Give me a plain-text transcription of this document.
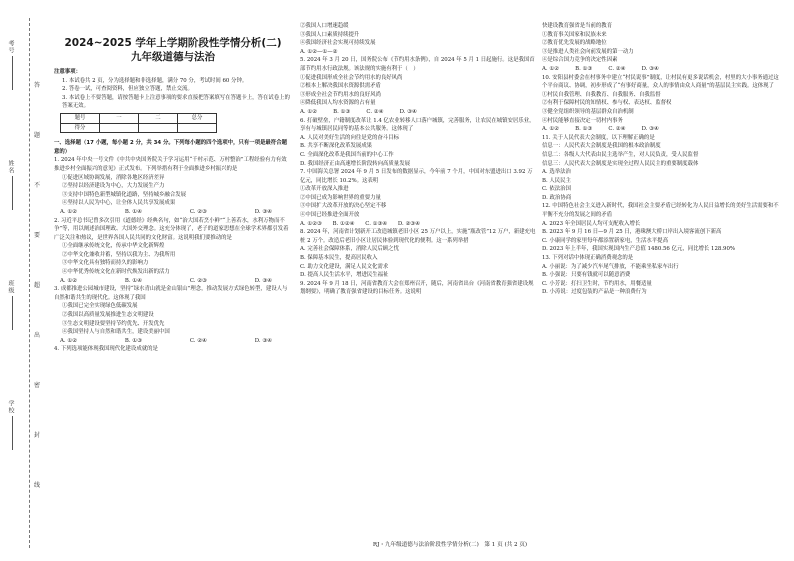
考号
姓名
班级
学校
答
题
不
要
超
出
密
封
线
2024~2025 学年上学期阶段性学情分析(二)
九年级道德与法治

注意事项：

1. 本试卷共 2 页，分为选择题和非选择题，满分 70 分，考试时间 60 分钟。

2. 答卷一试，可查阅资料，但应独立答题，禁止交流。

3. 本试卷上不要答题，请按答题卡上注意事项的要求直接把答案填写在答题卡上，答在试卷上的答案无效。

题号	一	二	总分
得分			

一、选择题（17 小题，每小题 2 分，共 34 分。下列每小题的四个选项中，只有一项是最符合题意的）

1. 2024 年中央一号文件《中共中央国务院关于学习运用“千村示范、万村整治”工程经验有力有效推进乡村全面振兴的意见》正式发布。下列举措有利于全面推进乡村振兴的是

①促进区域协调发展，消除各地区经济差异

②坚持以经济建设为中心，大力发展生产力

③支持中国特色新型城镇化道路，坚持城乡融合发展

④坚持以人民为中心，让全体人民共享发展成果

A. ①②	B. ①④	C. ②③	D. ③④

2. 习近平总书记曾多次引用《道德经》经典名句，如“治大国若烹小鲜”“上善若水，水利万物而不争”等，用以阐述治国理政、大国外交理念。这充分体现了，老子的道家思想在全球学术界都引发着广泛关注和热议，是世界各国人民共同的文化財富。这说明我们要推动的是

①全面继承传统文化，传承中华文化新辉煌

②中华文化兼收并蓄，坚持以我为主、为我所用

③中华文化具有独特而持久的影响力

④中华优秀传统文化在新时代焕发出新的活力

A. ①②	B. ①④	C. ②③	D. ③④

3. 成都推进公园城市建设，坚持“绿水青山就是金山银山”理念，推动发展方式绿色转型，建设人与自然和谐共生的现代化。这体现了我国

①我国已完全实现绿色低碳发展

②我国以高质量发展推进生态文明建设

③生态文明建设要坚持节约优先、开发优先

④我国坚持人与自然和谐共生，建设美丽中国

A. ①②	B. ①③	C. ②④	D. ③④

4. 下列选项能体现我国现代化建设成就的是

②我国人口增速趋缓

③我国人口素质持续提升

④我国经济社会实现可持续发展

A. ①②—①—②

5. 2024 年 3 月 20 日，国务院公布《节约用水条例》，自 2024 年 5 月 1 日起施行。这是我国首部节约用水行政法规。该法规的实施有利于（　）

①促进我国形成全社会节约用水的良好风尚

②根本上解决我国水资源供需矛盾

③形成全社会节约用水的良好风尚

④降低我国人均水资源的占有量

A. ①②　　　B. ①③　　　C. ②④　　　D. ③④

6. 打破壁垒，户籍制度改革让 1.4 亿农业转移人口落户城镇，完善服务，让农民在城镇安居乐业，享有与城镇居民同等的基本公共服务。这体现了

A. 人民对美好生活的向往是党的奋斗目标

B. 共享不断深化改革发展成果

C. 全面深化改革是我国当前的中心工作

D. 我国经济正由高速增长阶段转向高质量发展

7. 中国海关总署 2024 年 9 月 5 日发布的数据显示，今年前 7 个月，中国对东盟进出口 3.92 万亿元，同比增长 10.2%。这表明

①改革开放深入推进

②中国已成为影响世界的重要力量

③中国扩大改革开放的决心坚定不移

④中国已经推进全面开放

A. ①②③　　B. ①②④　　C. ①③④　　D. ②③④

8. 2024 年，河南省计划新开工改造城镇老旧小区 25 万户以上，实施“瓶改管”12 万户，新建充电桩 2 万个。改造后老旧小区让居民体验到现代化的便利。这一系列举措

A. 完善社会保障体系，消除人民后顾之忧

B. 保障基本民生，提高居民收入

C. 助力文化建设，满足人民文化需求

D. 提高人民生活水平，增进民生福祉

9. 2024 年 9 月 18 日，河南省教育大会在郑州召开，随后，河南省出台《河南省教育强省建设规划纲要》，明确了教育强省建设的目标任务。这说明

快建设教育强省是当前的教育

①教育事关国家和民族未来

②教育优先发展的战略地位

③是推进人类社会向前发展的第一动力

④是综合国力竞争的决定性因素

A. ①②　　　B. ①③　　　C. ②④　　　D. ③④

10. 安阳县村委会在村事务中建立“村民说事”制度，让村民有更多说话机会，村里的大小事务通过这个平台商议、协调，初步形成了“有事好商量，众人的事情由众人商量”的基层民主实践。这体现了

①村民自我管理、自我教育、自我服务、自我监督

②有利于保障村民的知情权、参与权、表达权、监督权

③健全党组织领导的基层群众自治机制

④村民能够直接决定一切村内事务

A. ①②　　　B. ①③　　　C. ②④　　　D. ③④

11. 关于人民代表大会制度，以下理解正确的是

信息一：人民代表大会制度是我国的根本政治制度

信息二：各级人大代表由民主选举产生，对人民负责，受人民监督

信息三：人民代表大会制度是实现全过程人民民主的重要制度载体

A. 选举法治

B. 人民民主

C. 依法治国

D. 政治协商

12. 中国特色社会主义进入新时代，我国社会主要矛盾已经转化为人民日益增长的美好生活需要和不平衡不充分的发展之间的矛盾

A. 2023 年全国居民人均可支配收入增长

B. 2023 年 9 月 16 日—9 月 25 日，港珠澳大桥口岸出入境客流创下新高

C. 小康同学的家里每年都添置新家电，生活水平提高

D. 2023 年上半年，我国实现国内生产总值 1480.56 亿元，同比增长 128.90%

13. 下列对话中体现正确消费观念的是

A. 小丽说：为了减少汽车尾气排放，不能乘坐私家车出行

B. 小强说：只要有钱就可以随意消费

C. 小芳说：打扫卫生时，节约用水，用餐适量

D. 小涛说：过度包装的产品是一种浪费行为

RJ・九年级道德与法治阶段性学情分析(二)　第 1 页 (共 2 页)
